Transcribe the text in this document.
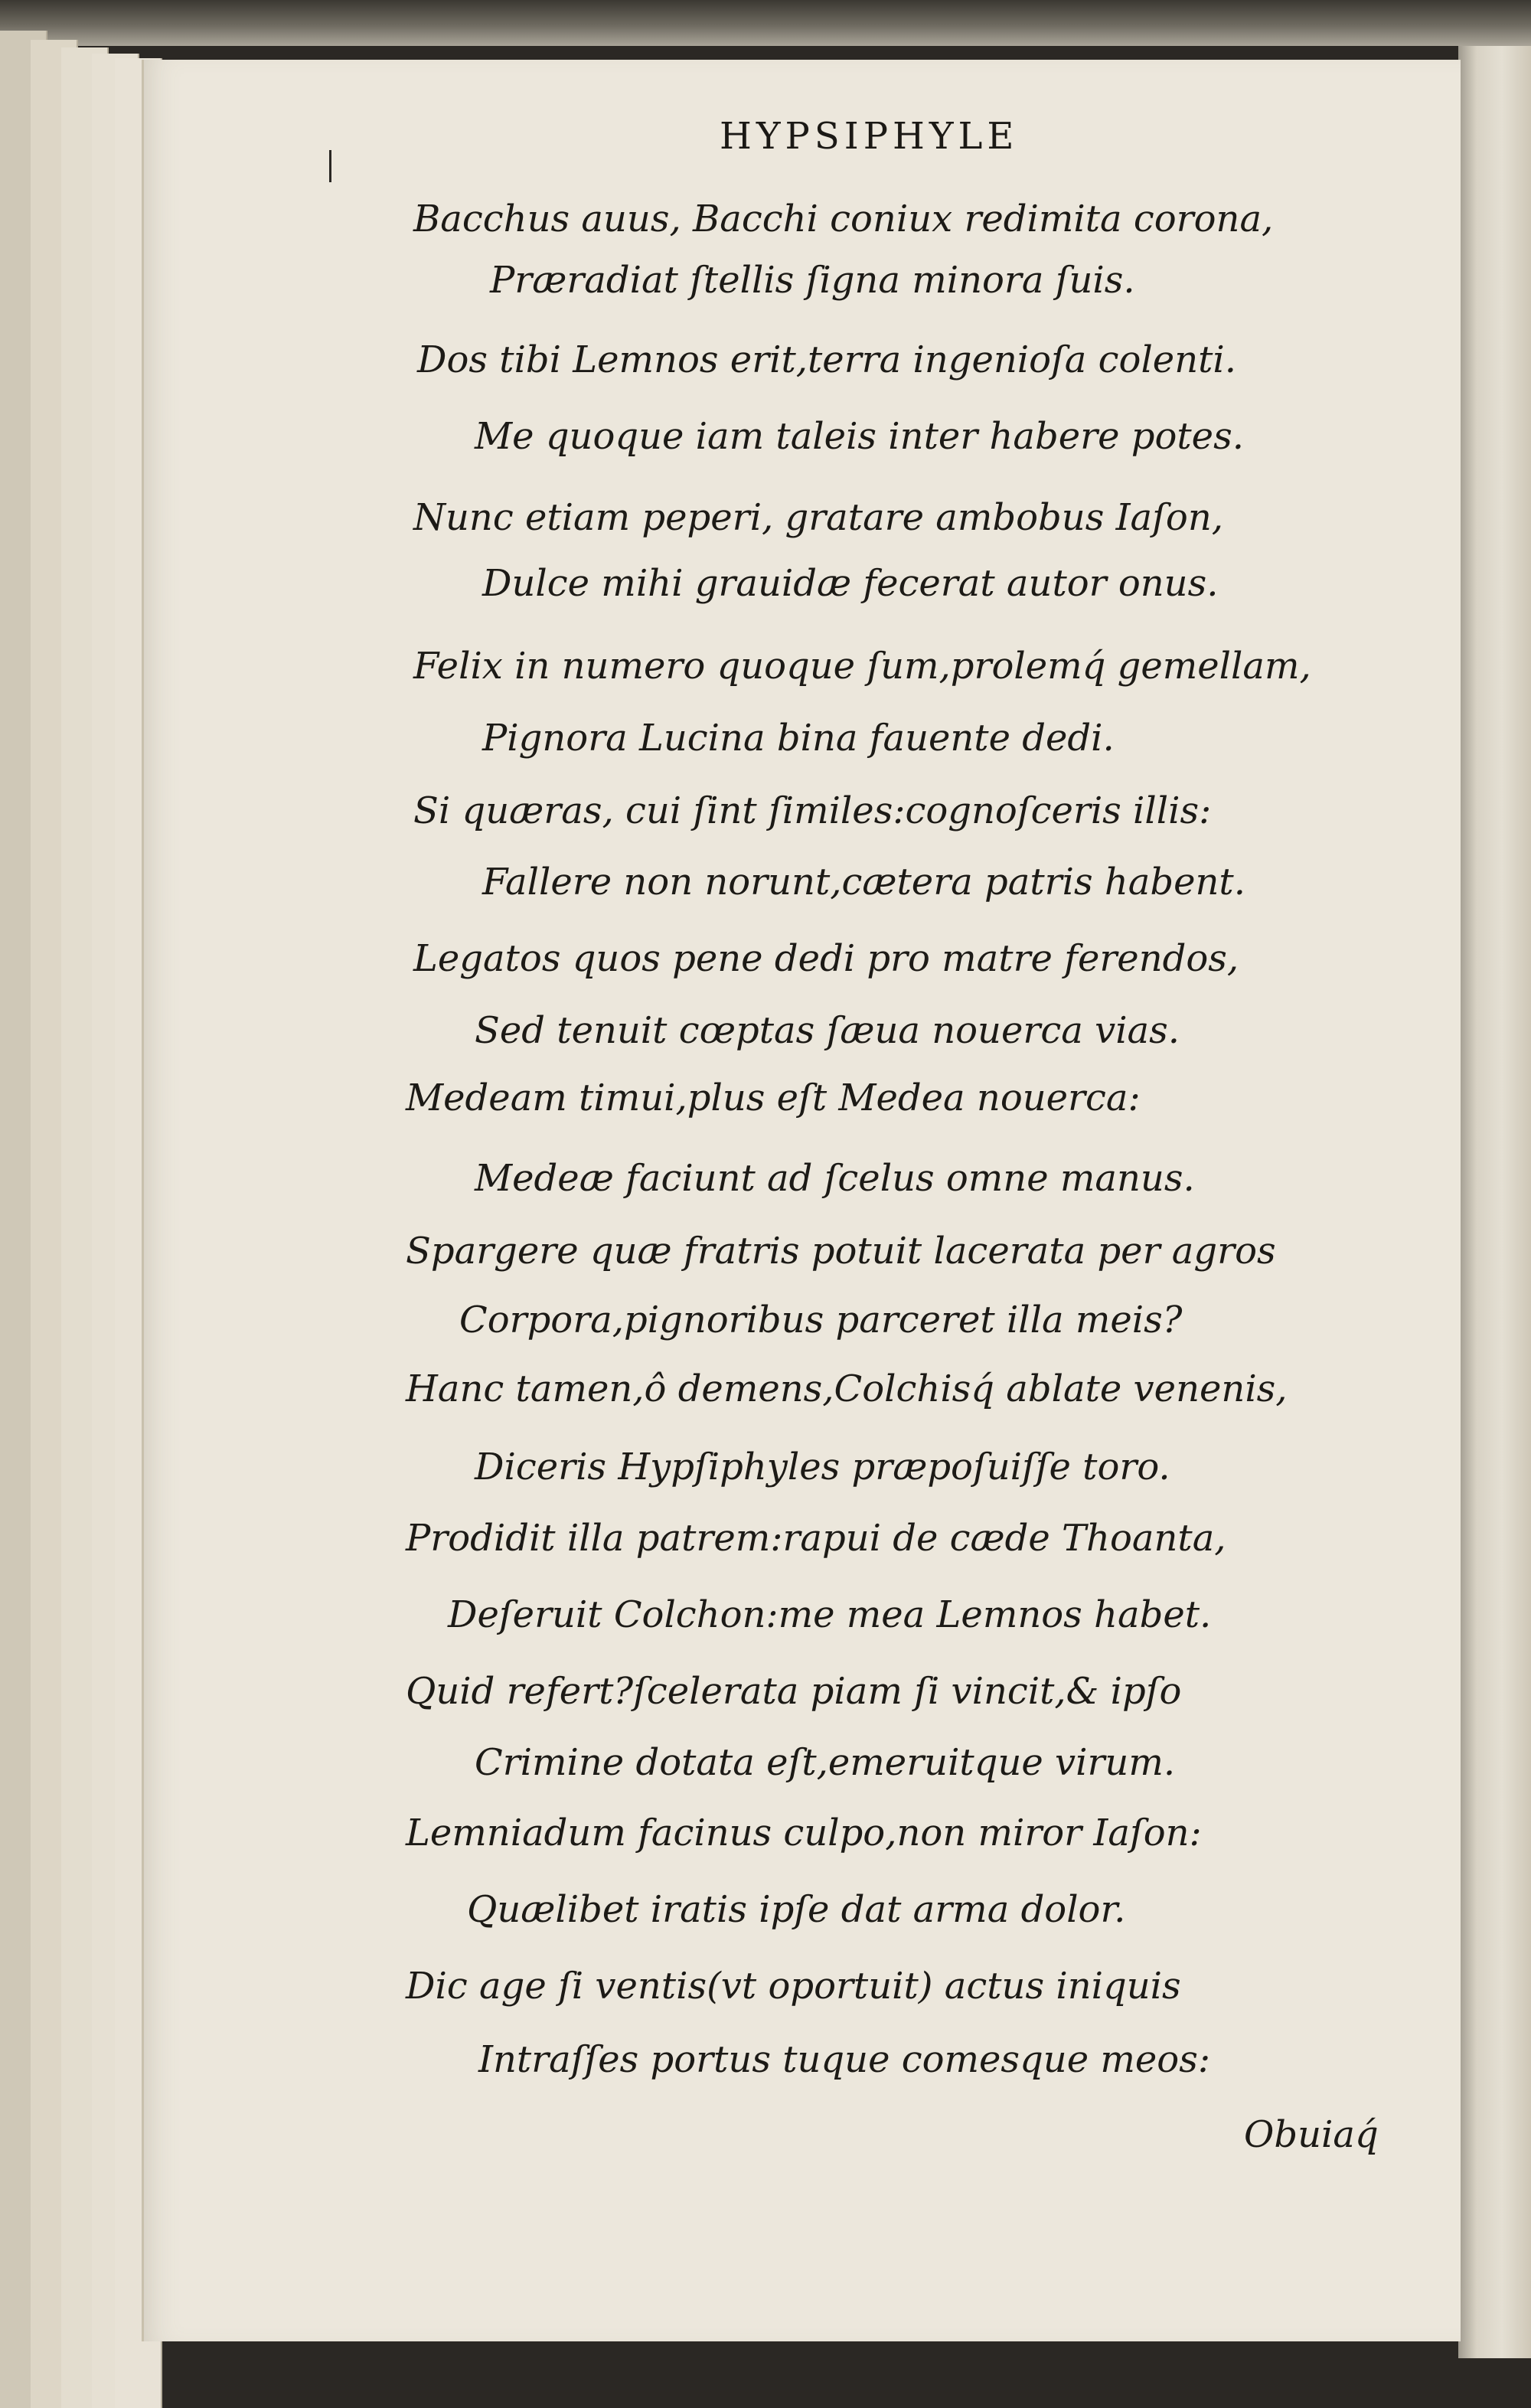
HYPSIPHYLE
Bacchus auus, Bacchi coniux redimita corona,
Præradiat ſtellis ſigna minora ſuis.
Dos tibi Lemnos erit,terra ingenioſa colenti.
Me quoque iam taleis inter habere potes.
Nunc etiam peperi, gratare ambobus Iaſon,
Dulce mihi grauidæ fecerat autor onus.
Felix in numero quoque ſum,prolemq́ gemellam,
Pignora Lucina bina fauente dedi.
Si quæras, cui ſint ſimiles:cognoſceris illis:
Fallere non norunt,cætera patris habent.
Legatos quos pene dedi pro matre ferendos,
Sed tenuit cœptas ſæua nouerca vias.
Medeam timui,plus eſt Medea nouerca:
Medeæ faciunt ad ſcelus omne manus.
Spargere quæ fratris potuit lacerata per agros
Corpora,pignoribus parceret illa meis?
Hanc tamen,ô demens,Colchisq́ ablate venenis,
Diceris Hypſiphyles præpoſuiſſe toro.
Prodidit illa patrem:rapui de cæde Thoanta,
Deſeruit Colchon:me mea Lemnos habet.
Quid refert?ſcelerata piam ſi vincit,& ipſo
Crimine dotata eſt,emeruitque virum.
Lemniadum facinus culpo,non miror Iaſon:
Quælibet iratis ipſe dat arma dolor.
Dic age ſi ventis(vt oportuit) actus iniquis
Intraſſes portus tuque comesque meos:
Obuiaq́
